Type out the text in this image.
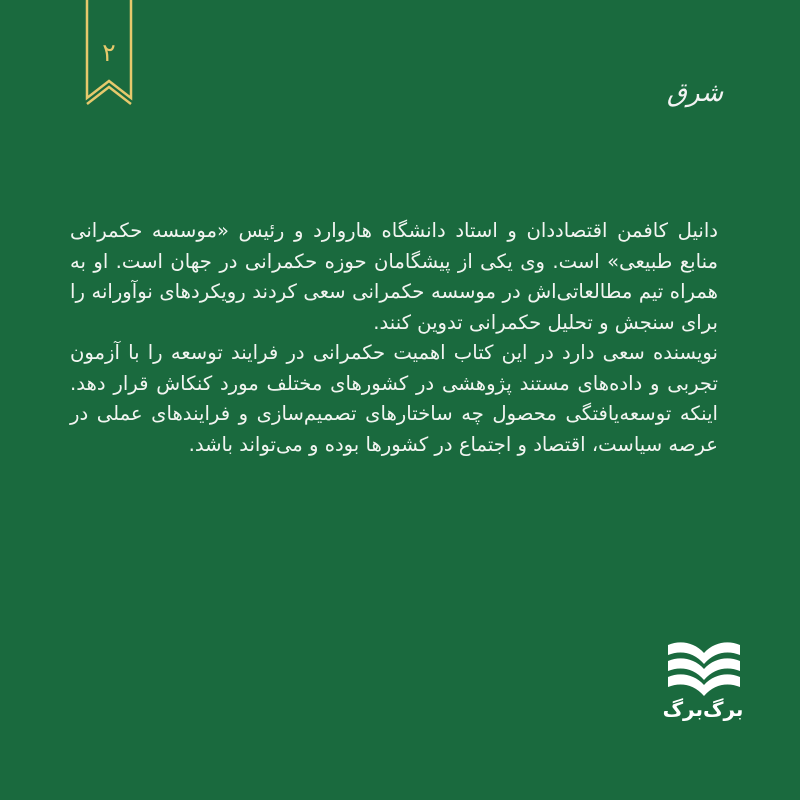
۲
شرق

دانیل کافمن اقتصاددان و استاد دانشگاه هاروارد و رئیس «موسسه حکمرانی منابع طبیعی» است. وی یکی از پیشگامان حوزه حکمرانی در جهان است. او به همراه تیم مطالعاتی‌اش در موسسه حکمرانی سعی کردند رویکردهای نوآورانه را برای سنجش و تحلیل حکمرانی تدوین کنند.

نویسنده سعی دارد در این کتاب اهمیت حکمرانی در فرایند توسعه را با آزمون تجربی و داده‌های مستند پژوهشی در کشورهای مختلف مورد کنکاش قرار دهد. اینکه توسعه‌یافتگی محصول چه ساختارهای تصمیم‌سازی و فرایندهای عملی در عرصه سیاست، اقتصاد و اجتماع در کشورها بوده و می‌تواند باشد.

برگ‌برگ
